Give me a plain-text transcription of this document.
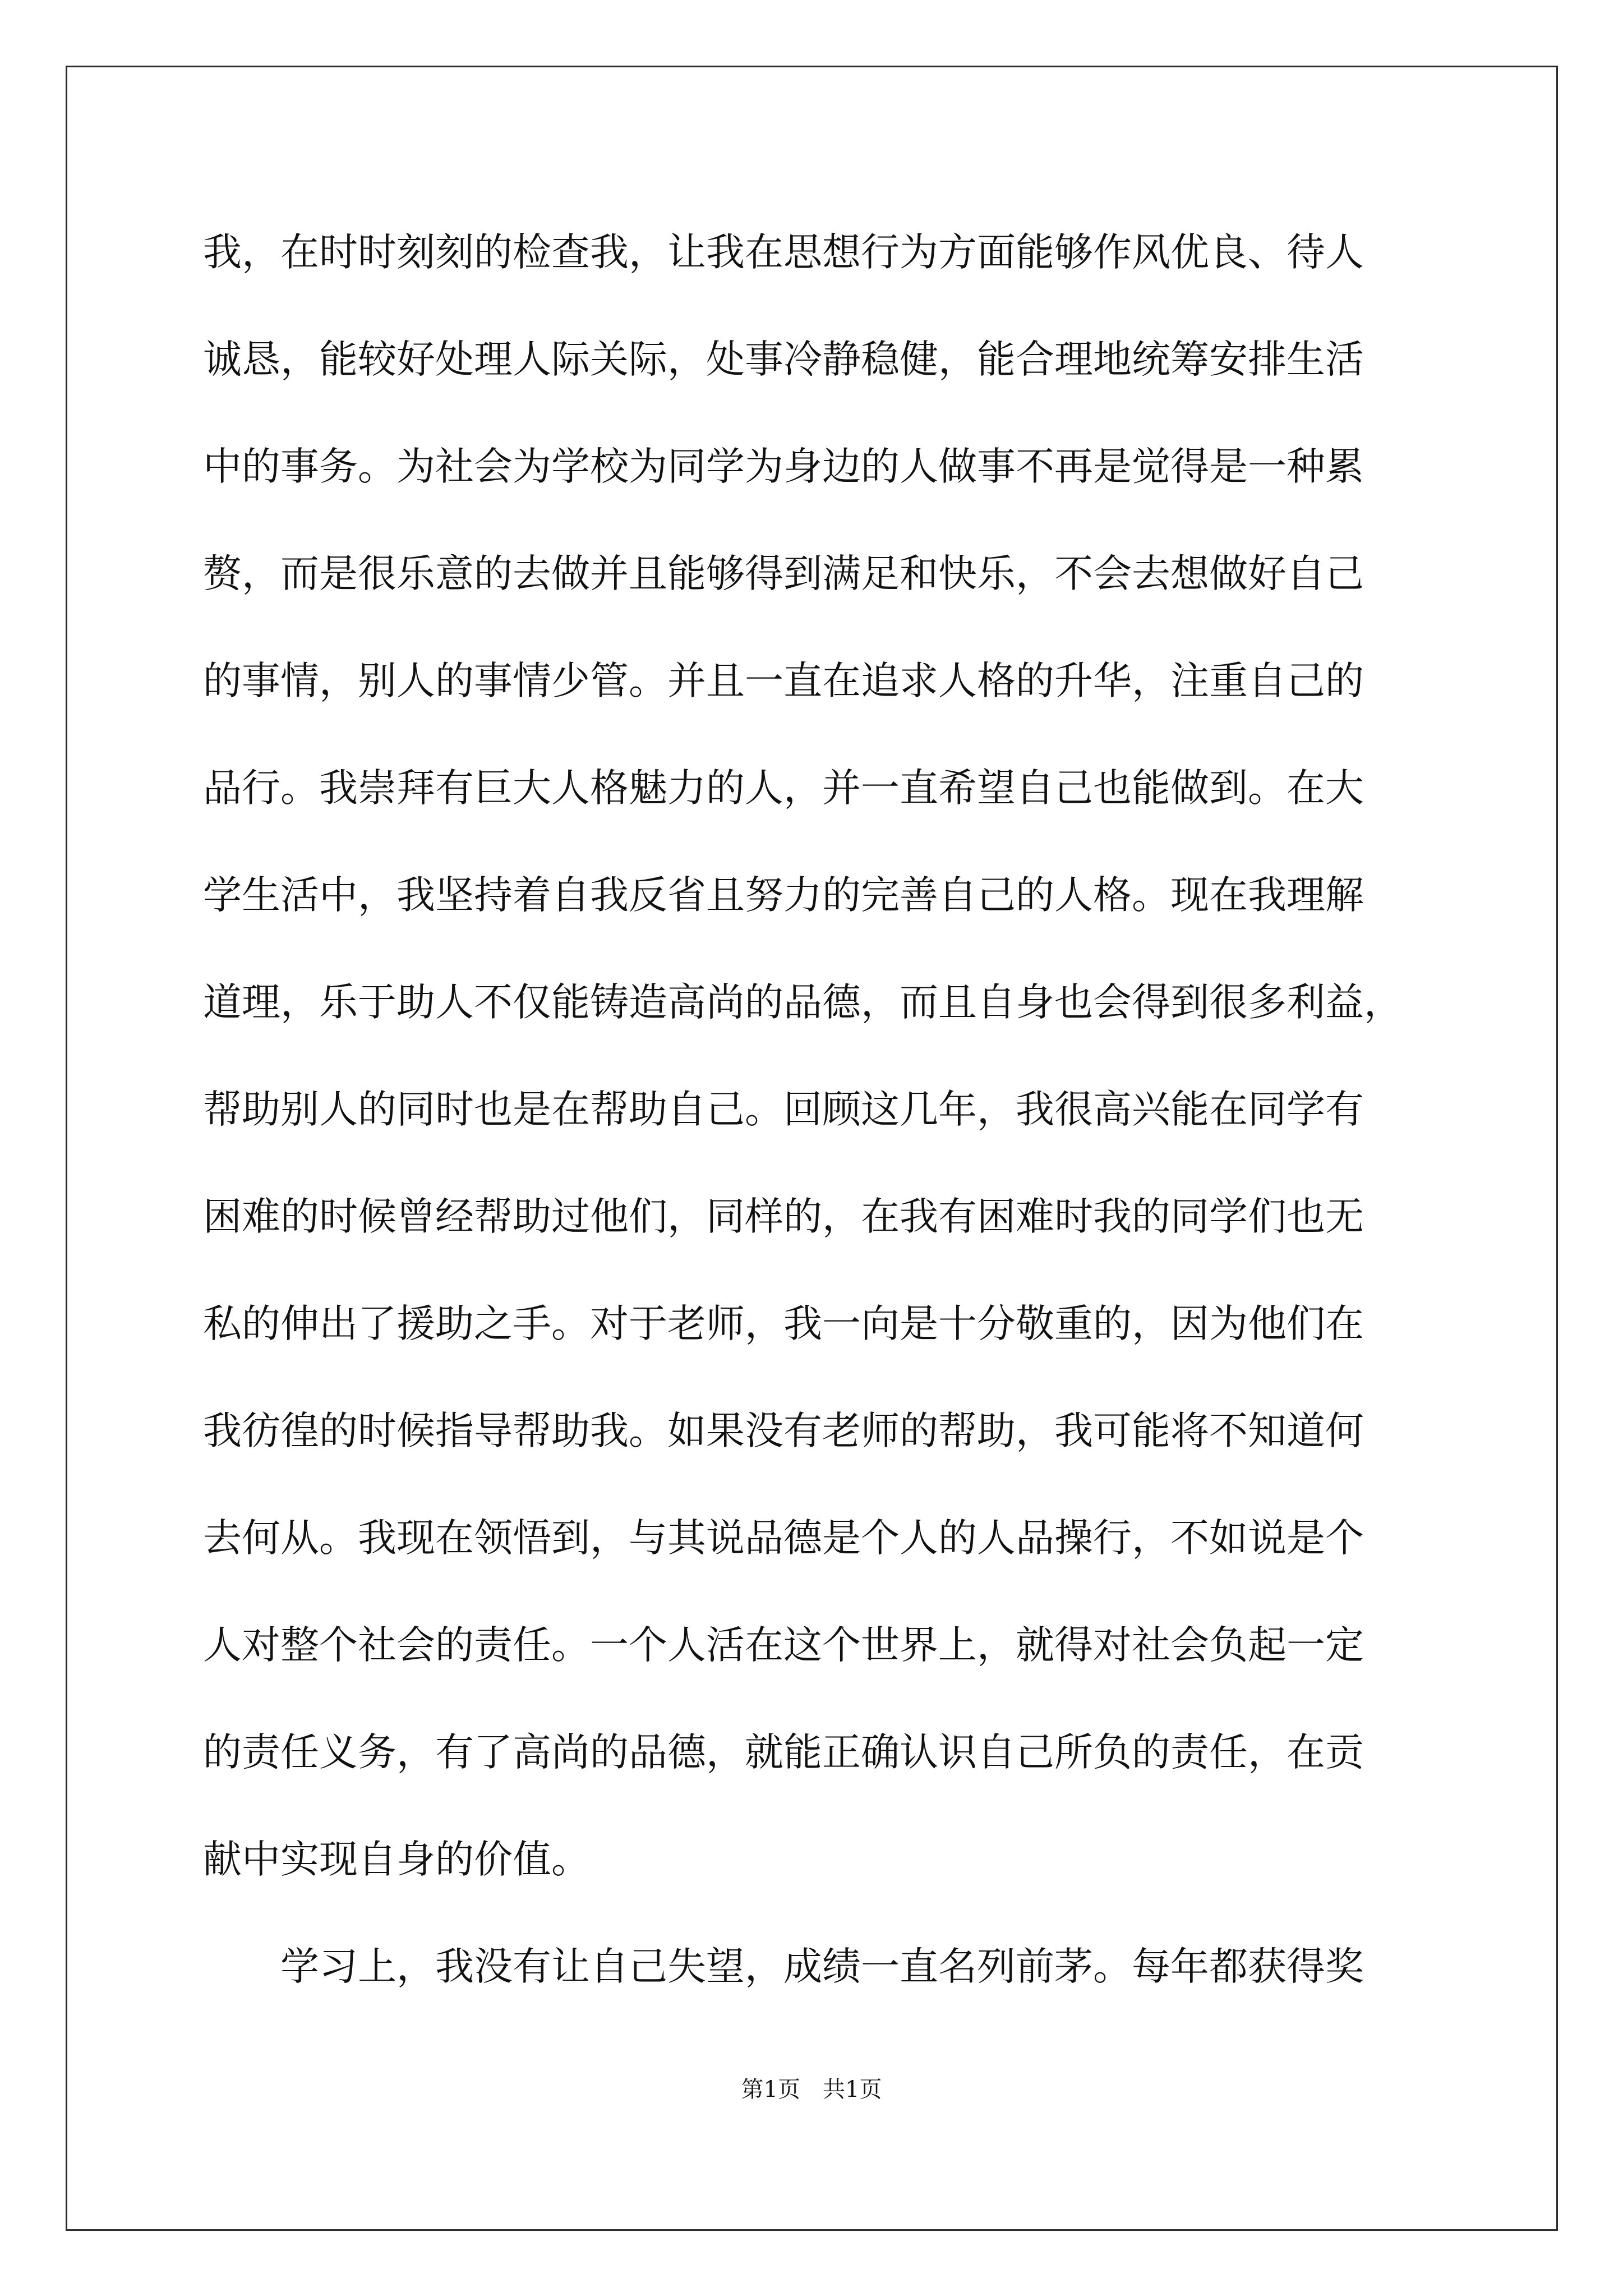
我，在时时刻刻的检查我，让我在思想行为方面能够作风优良、待人

诚恳，能较好处理人际关际，处事冷静稳健，能合理地统筹安排生活

中的事务。为社会为学校为同学为身边的人做事不再是觉得是一种累

赘，而是很乐意的去做并且能够得到满足和快乐，不会去想做好自己

的事情，别人的事情少管。并且一直在追求人格的升华，注重自己的

品行。我崇拜有巨大人格魅力的人，并一直希望自己也能做到。在大

学生活中，我坚持着自我反省且努力的完善自己的人格。现在我理解

道理，乐于助人不仅能铸造高尚的品德，而且自身也会得到很多利益，

帮助别人的同时也是在帮助自己。回顾这几年，我很高兴能在同学有

困难的时候曾经帮助过他们，同样的，在我有困难时我的同学们也无

私的伸出了援助之手。对于老师，我一向是十分敬重的，因为他们在

我彷徨的时候指导帮助我。如果没有老师的帮助，我可能将不知道何

去何从。我现在领悟到，与其说品德是个人的人品操行，不如说是个

人对整个社会的责任。一个人活在这个世界上，就得对社会负起一定

的责任义务，有了高尚的品德，就能正确认识自己所负的责任，在贡

献中实现自身的价值。

　　学习上，我没有让自己失望，成绩一直名列前茅。每年都获得奖

第1页　共1页
